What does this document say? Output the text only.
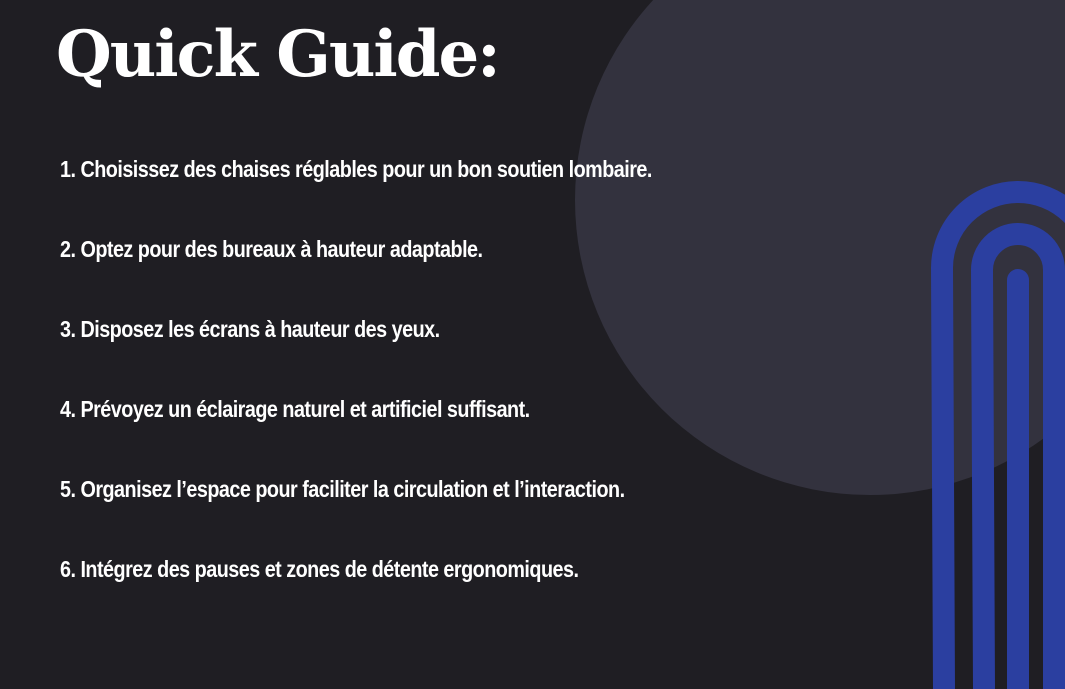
Quick Guide:
1. Choisissez des chaises réglables pour un bon soutien lombaire.
2. Optez pour des bureaux à hauteur adaptable.
3. Disposez les écrans à hauteur des yeux.
4. Prévoyez un éclairage naturel et artificiel suffisant.
5. Organisez l’espace pour faciliter la circulation et l’interaction.
6. Intégrez des pauses et zones de détente ergonomiques.
